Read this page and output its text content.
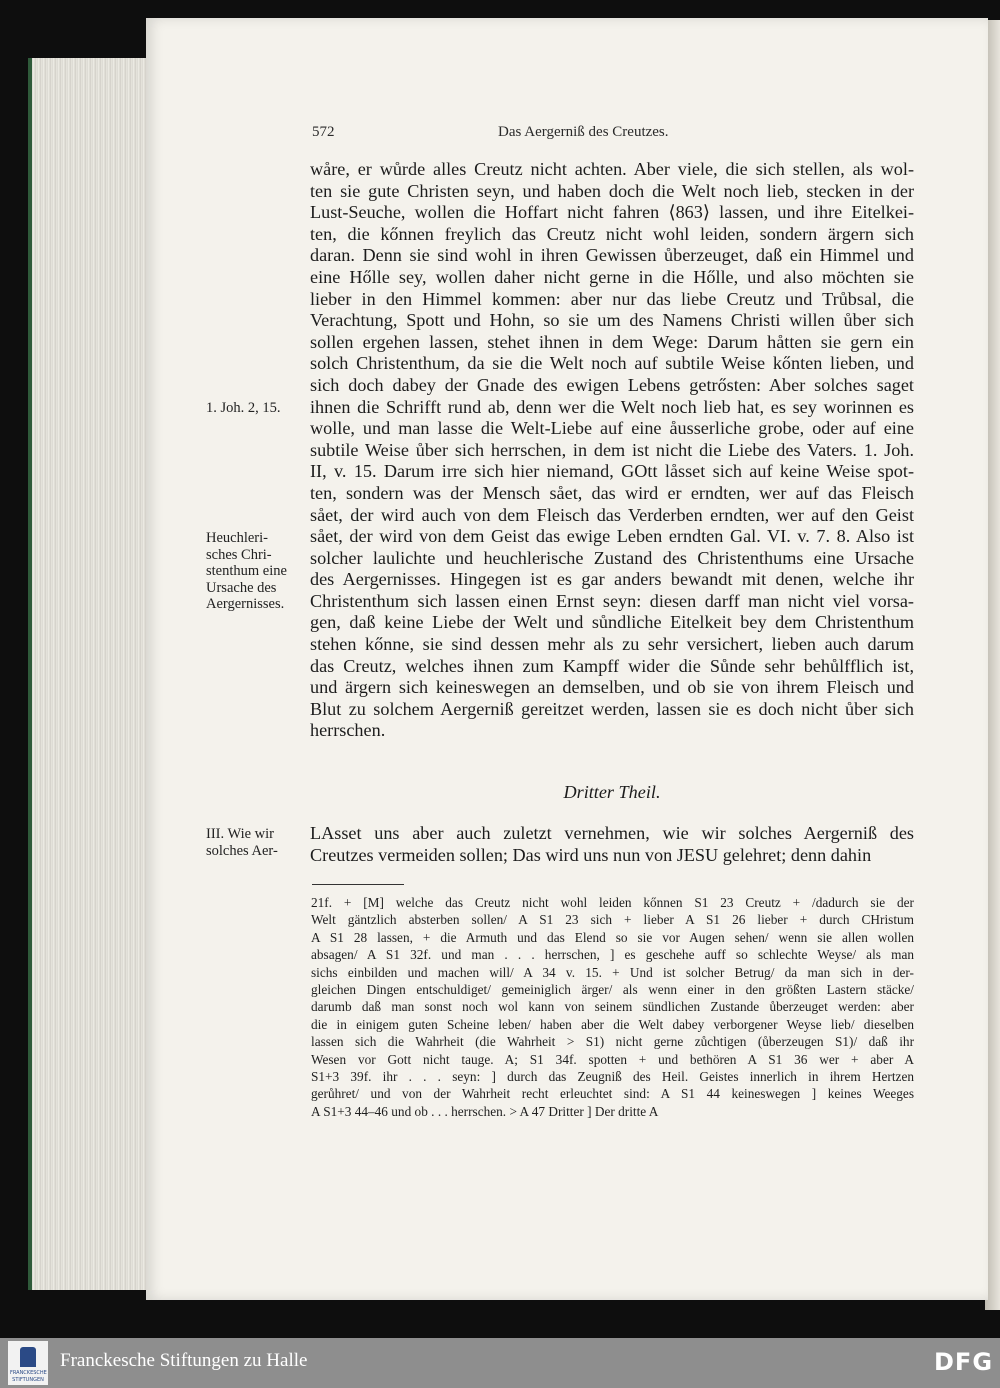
572	Das Aergerniß des Creutzes.
wåre, er wůrde alles Creutz nicht achten. Aber viele, die sich stellen, als wol-
ten sie gute Christen seyn, und haben doch die Welt noch lieb, stecken in der
Lust-Seuche, wollen die Hoffart nicht fahren ⟨863⟩ lassen, und ihre Eitelkei-
ten, die kőnnen freylich das Creutz nicht wohl leiden, sondern ärgern sich
daran. Denn sie sind wohl in ihren Gewissen ůberzeuget, daß ein Himmel und
eine Hőlle sey, wollen daher nicht gerne in die Hőlle, und also möchten sie
lieber in den Himmel kommen: aber nur das liebe Creutz und Trůbsal, die
Verachtung, Spott und Hohn, so sie um des Namens Christi willen ůber sich
sollen ergehen lassen, stehet ihnen in dem Wege: Darum håtten sie gern ein
solch Christenthum, da sie die Welt noch auf subtile Weise kőnten lieben, und
sich doch dabey der Gnade des ewigen Lebens getrősten: Aber solches saget
ihnen die Schrifft rund ab, denn wer die Welt noch lieb hat, es sey worinnen es
wolle, und man lasse die Welt-Liebe auf eine åusserliche grobe, oder auf eine
subtile Weise ůber sich herrschen, in dem ist nicht die Liebe des Vaters. 1. Joh.
II, v. 15. Darum irre sich hier niemand, GOtt låsset sich auf keine Weise spot-
ten, sondern was der Mensch sået, das wird er erndten, wer auf das Fleisch
sået, der wird auch von dem Fleisch das Verderben erndten, wer auf den Geist
sået, der wird von dem Geist das ewige Leben erndten Gal. VI. v. 7. 8. Also ist
solcher laulichte und heuchlerische Zustand des Christenthums eine Ursache
des Aergernisses. Hingegen ist es gar anders bewandt mit denen, welche ihr
Christenthum sich lassen einen Ernst seyn: diesen darff man nicht viel vorsa-
gen, daß keine Liebe der Welt und sůndliche Eitelkeit bey dem Christenthum
stehen kőnne, sie sind dessen mehr als zu sehr versichert, lieben auch darum
das Creutz, welches ihnen zum Kampff wider die Sůnde sehr behůlfflich ist,
und ärgern sich keineswegen an demselben, und ob sie von ihrem Fleisch und
Blut zu solchem Aergerniß gereitzet werden, lassen sie es doch nicht ůber sich
herrschen.
1. Joh. 2, 15.
Heuchleri-
sches Chri-
stenthum eine
Ursache des
Aergernisses.
Dritter Theil.
III. Wie wir
solches Aer-
LAsset uns aber auch zuletzt vernehmen, wie wir solches Aergerniß des
Creutzes vermeiden sollen; Das wird uns nun von JESU gelehret; denn dahin
21f. + [M] welche das Creutz nicht wohl leiden kőnnen S1 23 Creutz + /dadurch sie der
Welt gäntzlich absterben sollen/ A S1 23 sich + lieber A S1 26 lieber + durch CHristum
A S1 28 lassen, + die Armuth und das Elend so sie vor Augen sehen/ wenn sie allen wollen
absagen/ A S1 32f. und man . . . herrschen, ] es geschehe auff so schlechte Weyse/ als man
sichs einbilden und machen will/ A 34 v. 15. + Und ist solcher Betrug/ da man sich in der-
gleichen Dingen entschuldiget/ gemeiniglich ärger/ als wenn einer in den größten Lastern stäcke/
darumb daß man sonst noch wol kann von seinem sündlichen Zustande ůberzeuget werden: aber
die in einigem guten Scheine leben/ haben aber die Welt dabey verborgener Weyse lieb/ dieselben
lassen sich die Wahrheit (die Wahrheit > S1) nicht gerne zůchtigen (ůberzeugen S1)/ daß ihr
Wesen vor Gott nicht tauge. A; S1 34f. spotten + und bethören A S1 36 wer + aber A
S1+3 39f. ihr . . . seyn: ] durch das Zeugniß des Heil. Geistes innerlich in ihrem Hertzen
gerůhret/ und von der Wahrheit recht erleuchtet sind: A S1 44 keineswegen ] keines Weeges
A S1+3 44–46 und ob . . . herrschen. > A 47 Dritter ] Der dritte A
FRANCKESCHE
STIFTUNGEN
Franckesche Stiftungen zu Halle	DFG
